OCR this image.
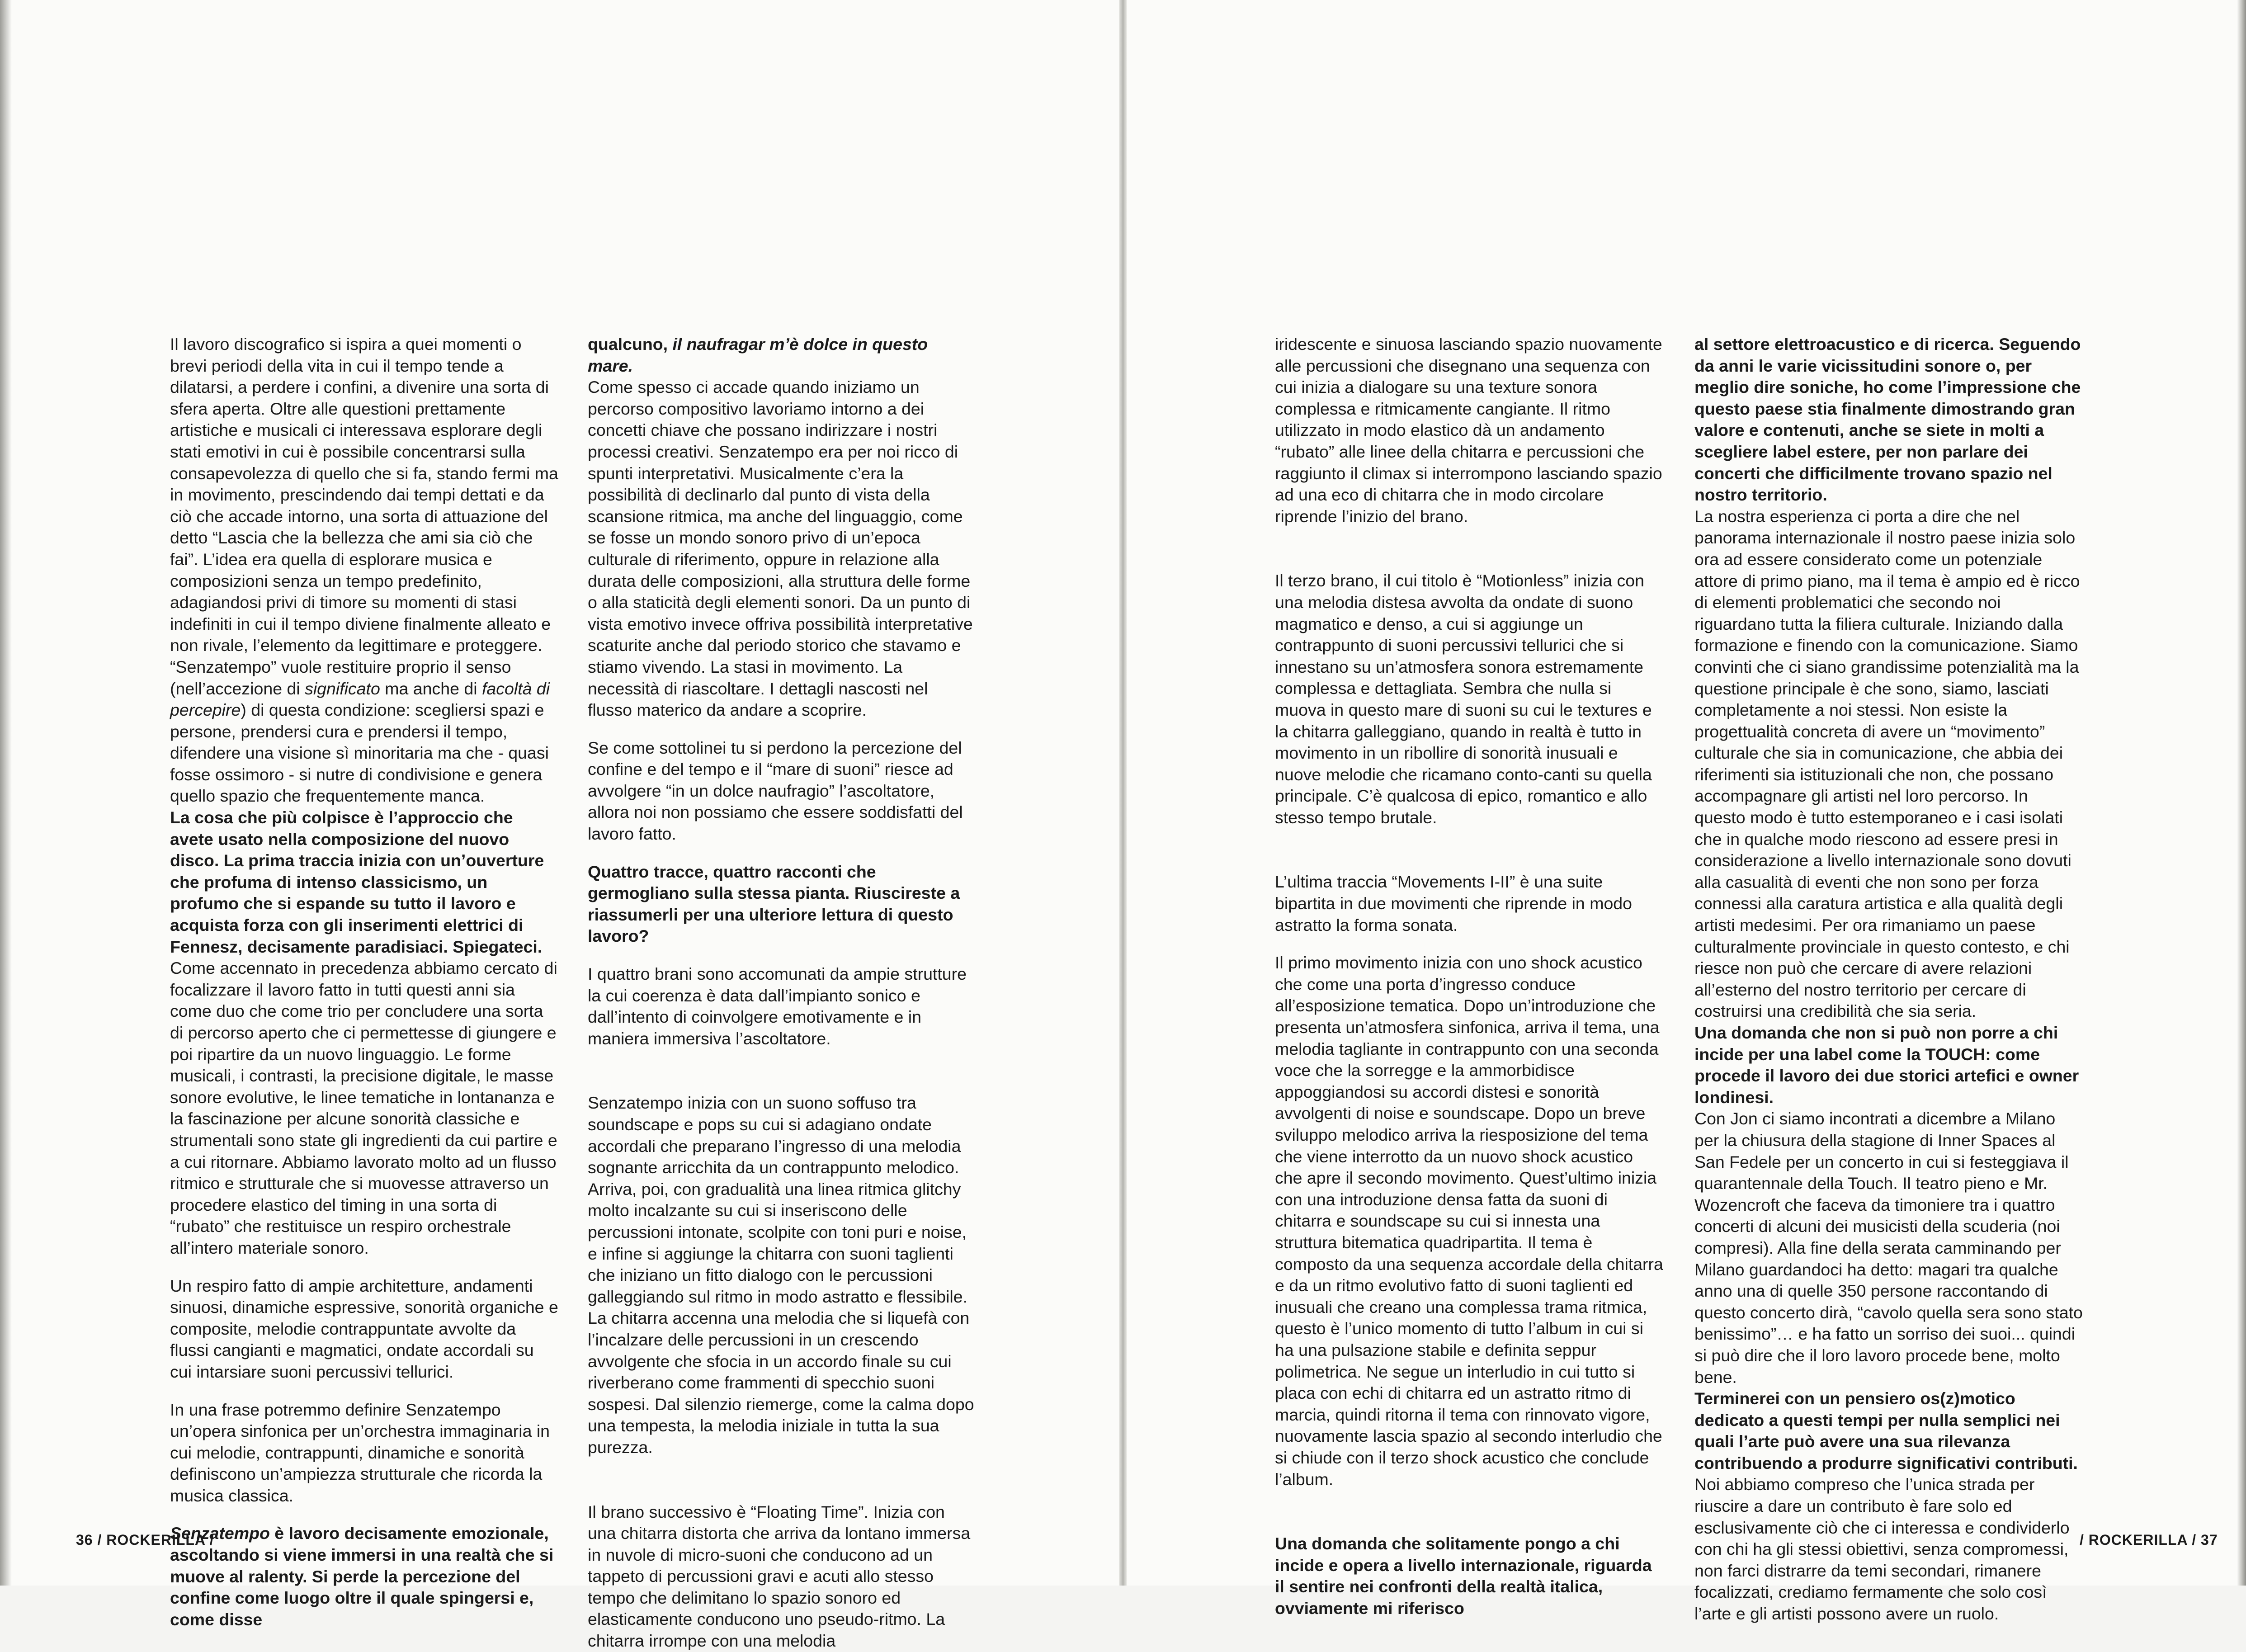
Il lavoro discografico si ispira a quei momenti o brevi periodi della vita in cui il tempo tende a dilatarsi, a perdere i confini, a divenire una sorta di sfera aperta. Oltre alle questioni prettamente artistiche e musicali ci interessava esplorare degli stati emotivi in cui è possibile concentrarsi sulla consapevolezza di quello che si fa, stando fermi ma in movimento, prescindendo dai tempi dettati e da ciò che accade intorno, una sorta di attuazione del detto “Lascia che la bellezza che ami sia ciò che fai”. L’idea era quella di esplorare musica e composizioni senza un tempo predefinito, adagiandosi privi di timore su momenti di stasi indefiniti in cui il tempo diviene finalmente alleato e non rivale, l’elemento da legittimare e proteggere. “Senzatempo” vuole restituire proprio il senso (nell’accezione di significato ma anche di facoltà di percepire) di questa condizione: scegliersi spazi e persone, prendersi cura e prendersi il tempo, difendere una visione sì minoritaria ma che - quasi fosse ossimoro - si nutre di condivisione e genera quello spazio che frequentemente manca.

La cosa che più colpisce è l’approccio che avete usato nella composizione del nuovo disco. La prima traccia inizia con un’ouverture che profuma di intenso classicismo, un profumo che si espande su tutto il lavoro e acquista forza con gli inserimenti elettrici di Fennesz, decisamente paradisiaci. Spiegateci.

Come accennato in precedenza abbiamo cercato di focalizzare il lavoro fatto in tutti questi anni sia come duo che come trio per concludere una sorta di percorso aperto che ci permettesse di giungere e poi ripartire da un nuovo linguaggio. Le forme musicali, i contrasti, la precisione digitale, le masse sonore evolutive, le linee tematiche in lontananza e la fascinazione per alcune sonorità classiche e strumentali sono state gli ingredienti da cui partire e a cui ritornare. Abbiamo lavorato molto ad un flusso ritmico e strutturale che si muovesse attraverso un procedere elastico del timing in una sorta di “rubato” che restituisce un respiro orchestrale all’intero materiale sonoro.

Un respiro fatto di ampie architetture, andamenti sinuosi, dinamiche espressive, sonorità organiche e composite, melodie contrappuntate avvolte da flussi cangianti e magmatici, ondate accordali su cui intarsiare suoni percussivi tellurici.

In una frase potremmo definire Senzatempo un’opera sinfonica per un’orchestra immaginaria in cui melodie, contrappunti, dinamiche e sonorità definiscono un’ampiezza strutturale che ricorda la musica classica.

Senzatempo è lavoro decisamente emozionale, ascoltando si viene immersi in una realtà che si muove al ralenty. Si perde la percezione del confine come luogo oltre il quale spingersi e, come disse

qualcuno, il naufragar m’è dolce in questo mare.

Come spesso ci accade quando iniziamo un percorso compositivo lavoriamo intorno a dei concetti chiave che possano indirizzare i nostri processi creativi. Senzatempo era per noi ricco di spunti interpretativi. Musicalmente c’era la possibilità di declinarlo dal punto di vista della scansione ritmica, ma anche del linguaggio, come se fosse un mondo sonoro privo di un’epoca culturale di riferimento, oppure in relazione alla durata delle composizioni, alla struttura delle forme o alla staticità degli elementi sonori. Da un punto di vista emotivo invece offriva possibilità interpretative scaturite anche dal periodo storico che stavamo e stiamo vivendo. La stasi in movimento. La necessità di riascoltare. I dettagli nascosti nel flusso materico da andare a scoprire.

Se come sottolinei tu si perdono la percezione del confine e del tempo e il “mare di suoni” riesce ad avvolgere “in un dolce naufragio” l’ascoltatore, allora noi non possiamo che essere soddisfatti del lavoro fatto.

Quattro tracce, quattro racconti che germogliano sulla stessa pianta. Riuscireste a riassumerli per una ulteriore lettura di questo lavoro?

I quattro brani sono accomunati da ampie strutture la cui coerenza è data dall’impianto sonico e dall’intento di coinvolgere emotivamente e in maniera immersiva l’ascoltatore.

Senzatempo inizia con un suono soffuso tra soundscape e pops su cui si adagiano ondate accordali che preparano l’ingresso di una melodia sognante arricchita da un contrappunto melodico. Arriva, poi, con gradualità una linea ritmica glitchy molto incalzante su cui si inseriscono delle percussioni intonate, scolpite con toni puri e noise, e infine si aggiunge la chitarra con suoni taglienti che iniziano un fitto dialogo con le percussioni galleggiando sul ritmo in modo astratto e flessibile. La chitarra accenna una melodia che si liquefà con l’incalzare delle percussioni in un crescendo avvolgente che sfocia in un accordo finale su cui riverberano come frammenti di specchio suoni sospesi. Dal silenzio riemerge, come la calma dopo una tempesta, la melodia iniziale in tutta la sua purezza.

Il brano successivo è “Floating Time”. Inizia con una chitarra distorta che arriva da lontano immersa in nuvole di micro-suoni che conducono ad un tappeto di percussioni gravi e acuti allo stesso tempo che delimitano lo spazio sonoro ed elasticamente conducono uno pseudo-ritmo. La chitarra irrompe con una melodia

iridescente e sinuosa lasciando spazio nuovamente alle percussioni che disegnano una sequenza con cui inizia a dialogare su una texture sonora complessa e ritmicamente cangiante. Il ritmo utilizzato in modo elastico dà un andamento “rubato” alle linee della chitarra e percussioni che raggiunto il climax si interrompono lasciando spazio ad una eco di chitarra che in modo circolare riprende l’inizio del brano.

Il terzo brano, il cui titolo è “Motionless” inizia con una melodia distesa avvolta da ondate di suono magmatico e denso, a cui si aggiunge un contrappunto di suoni percussivi tellurici che si innestano su un’atmosfera sonora estremamente complessa e dettagliata. Sembra che nulla si muova in questo mare di suoni su cui le textures e la chitarra galleggiano, quando in realtà è tutto in movimento in un ribollire di sonorità inusuali e nuove melodie che ricamano conto-canti su quella principale. C’è qualcosa di epico, romantico e allo stesso tempo brutale.

L’ultima traccia “Movements I-II” è una suite bipartita in due movimenti che riprende in modo astratto la forma sonata.

Il primo movimento inizia con uno shock acustico che come una porta d’ingresso conduce all’esposizione tematica. Dopo un’introduzione che presenta un’atmosfera sinfonica, arriva il tema, una melodia tagliante in contrappunto con una seconda voce che la sorregge e la ammorbidisce appoggiandosi su accordi distesi e sonorità avvolgenti di noise e soundscape. Dopo un breve sviluppo melodico arriva la riesposizione del tema che viene interrotto da un nuovo shock acustico che apre il secondo movimento. Quest’ultimo inizia con una introduzione densa fatta da suoni di chitarra e soundscape su cui si innesta una struttura bitematica quadripartita. Il tema è composto da una sequenza accordale della chitarra e da un ritmo evolutivo fatto di suoni taglienti ed inusuali che creano una complessa trama ritmica, questo è l’unico momento di tutto l’album in cui si ha una pulsazione stabile e definita seppur polimetrica. Ne segue un interludio in cui tutto si placa con echi di chitarra ed un astratto ritmo di marcia, quindi ritorna il tema con rinnovato vigore, nuovamente lascia spazio al secondo interludio che si chiude con il terzo shock acustico che conclude l’album.

Una domanda che solitamente pongo a chi incide e opera a livello internazionale, riguarda il sentire nei confronti della realtà italica, ovviamente mi riferisco

al settore elettroacustico e di ricerca. Seguendo da anni le varie vicissitudini sonore o, per meglio dire soniche, ho come l’impressione che questo paese stia finalmente dimostrando gran valore e contenuti, anche se siete in molti a scegliere label estere, per non parlare dei concerti che difficilmente trovano spazio nel nostro territorio.

La nostra esperienza ci porta a dire che nel panorama internazionale il nostro paese inizia solo ora ad essere considerato come un potenziale attore di primo piano, ma il tema è ampio ed è ricco di elementi problematici che secondo noi riguardano tutta la filiera culturale. Iniziando dalla formazione e finendo con la comunicazione. Siamo convinti che ci siano grandissime potenzialità ma la questione principale è che sono, siamo, lasciati completamente a noi stessi. Non esiste la progettualità concreta di avere un “movimento” culturale che sia in comunicazione, che abbia dei riferimenti sia istituzionali che non, che possano accompagnare gli artisti nel loro percorso. In questo modo è tutto estemporaneo e i casi isolati che in qualche modo riescono ad essere presi in considerazione a livello internazionale sono dovuti alla casualità di eventi che non sono per forza connessi alla caratura artistica e alla qualità degli artisti medesimi. Per ora rimaniamo un paese culturalmente provinciale in questo contesto, e chi riesce non può che cercare di avere relazioni all’esterno del nostro territorio per cercare di costruirsi una credibilità che sia seria.

Una domanda che non si può non porre a chi incide per una label come la TOUCH: come procede il lavoro dei due storici artefici e owner londinesi.

Con Jon ci siamo incontrati a dicembre a Milano per la chiusura della stagione di Inner Spaces al San Fedele per un concerto in cui si festeggiava il quarantennale della Touch. Il teatro pieno e Mr. Wozencroft che faceva da timoniere tra i quattro concerti di alcuni dei musicisti della scuderia (noi compresi). Alla fine della serata camminando per Milano guardandoci ha detto: magari tra qualche anno una di quelle 350 persone raccontando di questo concerto dirà, “cavolo quella sera sono stato benissimo”… e ha fatto un sorriso dei suoi... quindi si può dire che il loro lavoro procede bene, molto bene.

Terminerei con un pensiero os(z)motico dedicato a questi tempi per nulla semplici nei quali l’arte può avere una sua rilevanza contribuendo a produrre significativi contributi.

Noi abbiamo compreso che l’unica strada per riuscire a dare un contributo è fare solo ed esclusivamente ciò che ci interessa e condividerlo con chi ha gli stessi obiettivi, senza compromessi, non farci distrarre da temi secondari, rimanere focalizzati, crediamo fermamente che solo così l’arte e gli artisti possono avere un ruolo.

36 / ROCKERILLA /	/ ROCKERILLA / 37
